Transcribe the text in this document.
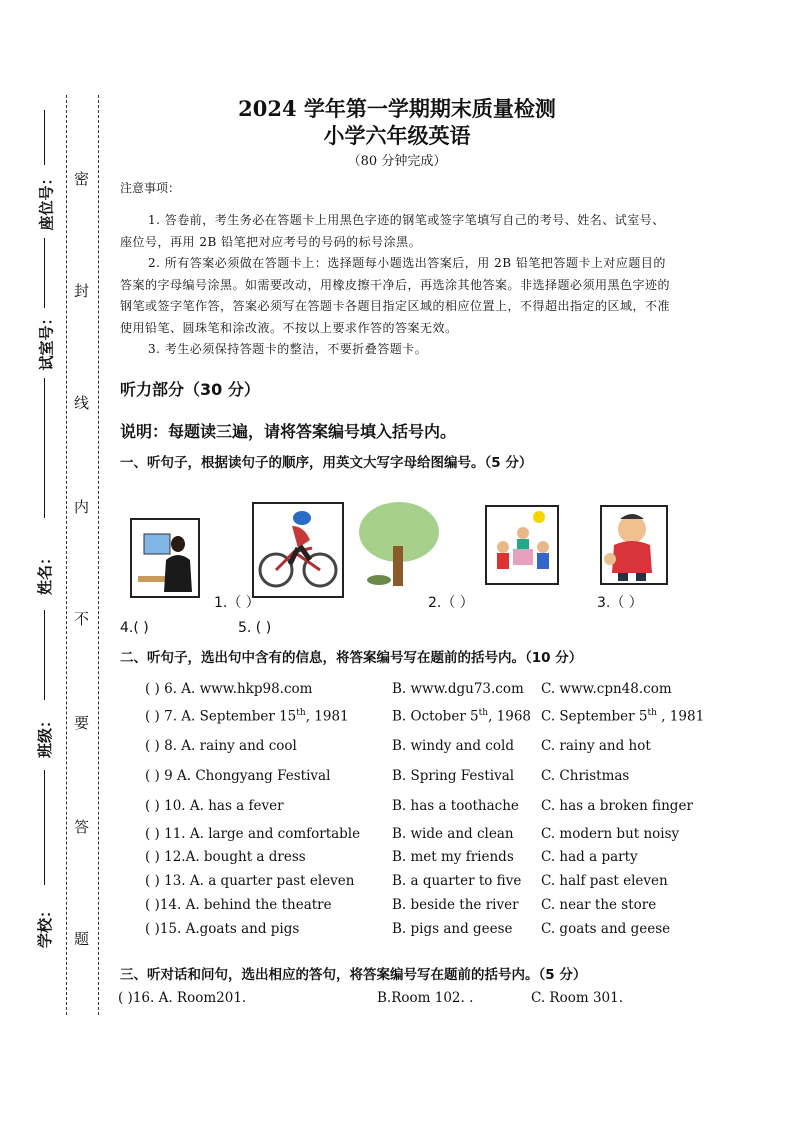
座位号：
试室号：
姓名：
班级：
学校：
密
封
线
内
不
要
答
题
2024 学年第一学期期末质量检测
小学六年级英语
（80 分钟完成）
注意事项：
1. 答卷前，考生务必在答题卡上用黑色字迹的钢笔或签字笔填写自己的考号、姓名、试室号、座位号，再用 2B 铅笔把对应考号的号码的标号涂黑。
2. 所有答案必须做在答题卡上：选择题每小题选出答案后，用 2B 铅笔把答题卡上对应题目的答案的字母编号涂黑。如需要改动，用橡皮擦干净后，再选涂其他答案。非选择题必须用黑色字迹的钢笔或签字笔作答，答案必须写在答题卡各题目指定区域的相应位置上，不得超出指定的区域，不准使用铅笔、圆珠笔和涂改液。不按以上要求作答的答案无效。
3. 考生必须保持答题卡的整洁，不要折叠答题卡。
听力部分（30 分）
说明：每题读三遍，请将答案编号填入括号内。
一、听句子，根据读句子的顺序，用英文大写字母给图编号。（5 分）
1.（ ）	2.（ ）	3.（ ）
4.( )	5. ( )
二、听句子，选出句中含有的信息，将答案编号写在题前的括号内。（10 分）
( ) 6. A. www.hkp98.com	B. www.dgu73.com C. www.cpn48.com
( ) 7. A. September 15th, 1981	B. October 5th, 1968 C. September 5th , 1981
( ) 8. A. rainy and cool	B. windy and cold C. rainy and hot
( ) 9 A. Chongyang Festival	B. Spring Festival C. Christmas
( ) 10. A. has a fever	B. has a toothache C. has a broken finger
( ) 11. A. large and comfortable B. wide and clean C. modern but noisy
( ) 12.A. bought a dress	B. met my friends C. had a party
( ) 13. A. a quarter past eleven	B. a quarter to five C. half past eleven
( )14. A. behind the theatre	B. beside the river C. near the store
( )15. A.goats and pigs	B. pigs and geese C. goats and geese
三、听对话和问句，选出相应的答句，将答案编号写在题前的括号内。（5 分）
( )16. A. Room201.	B.Room 102. .	C. Room 301.
